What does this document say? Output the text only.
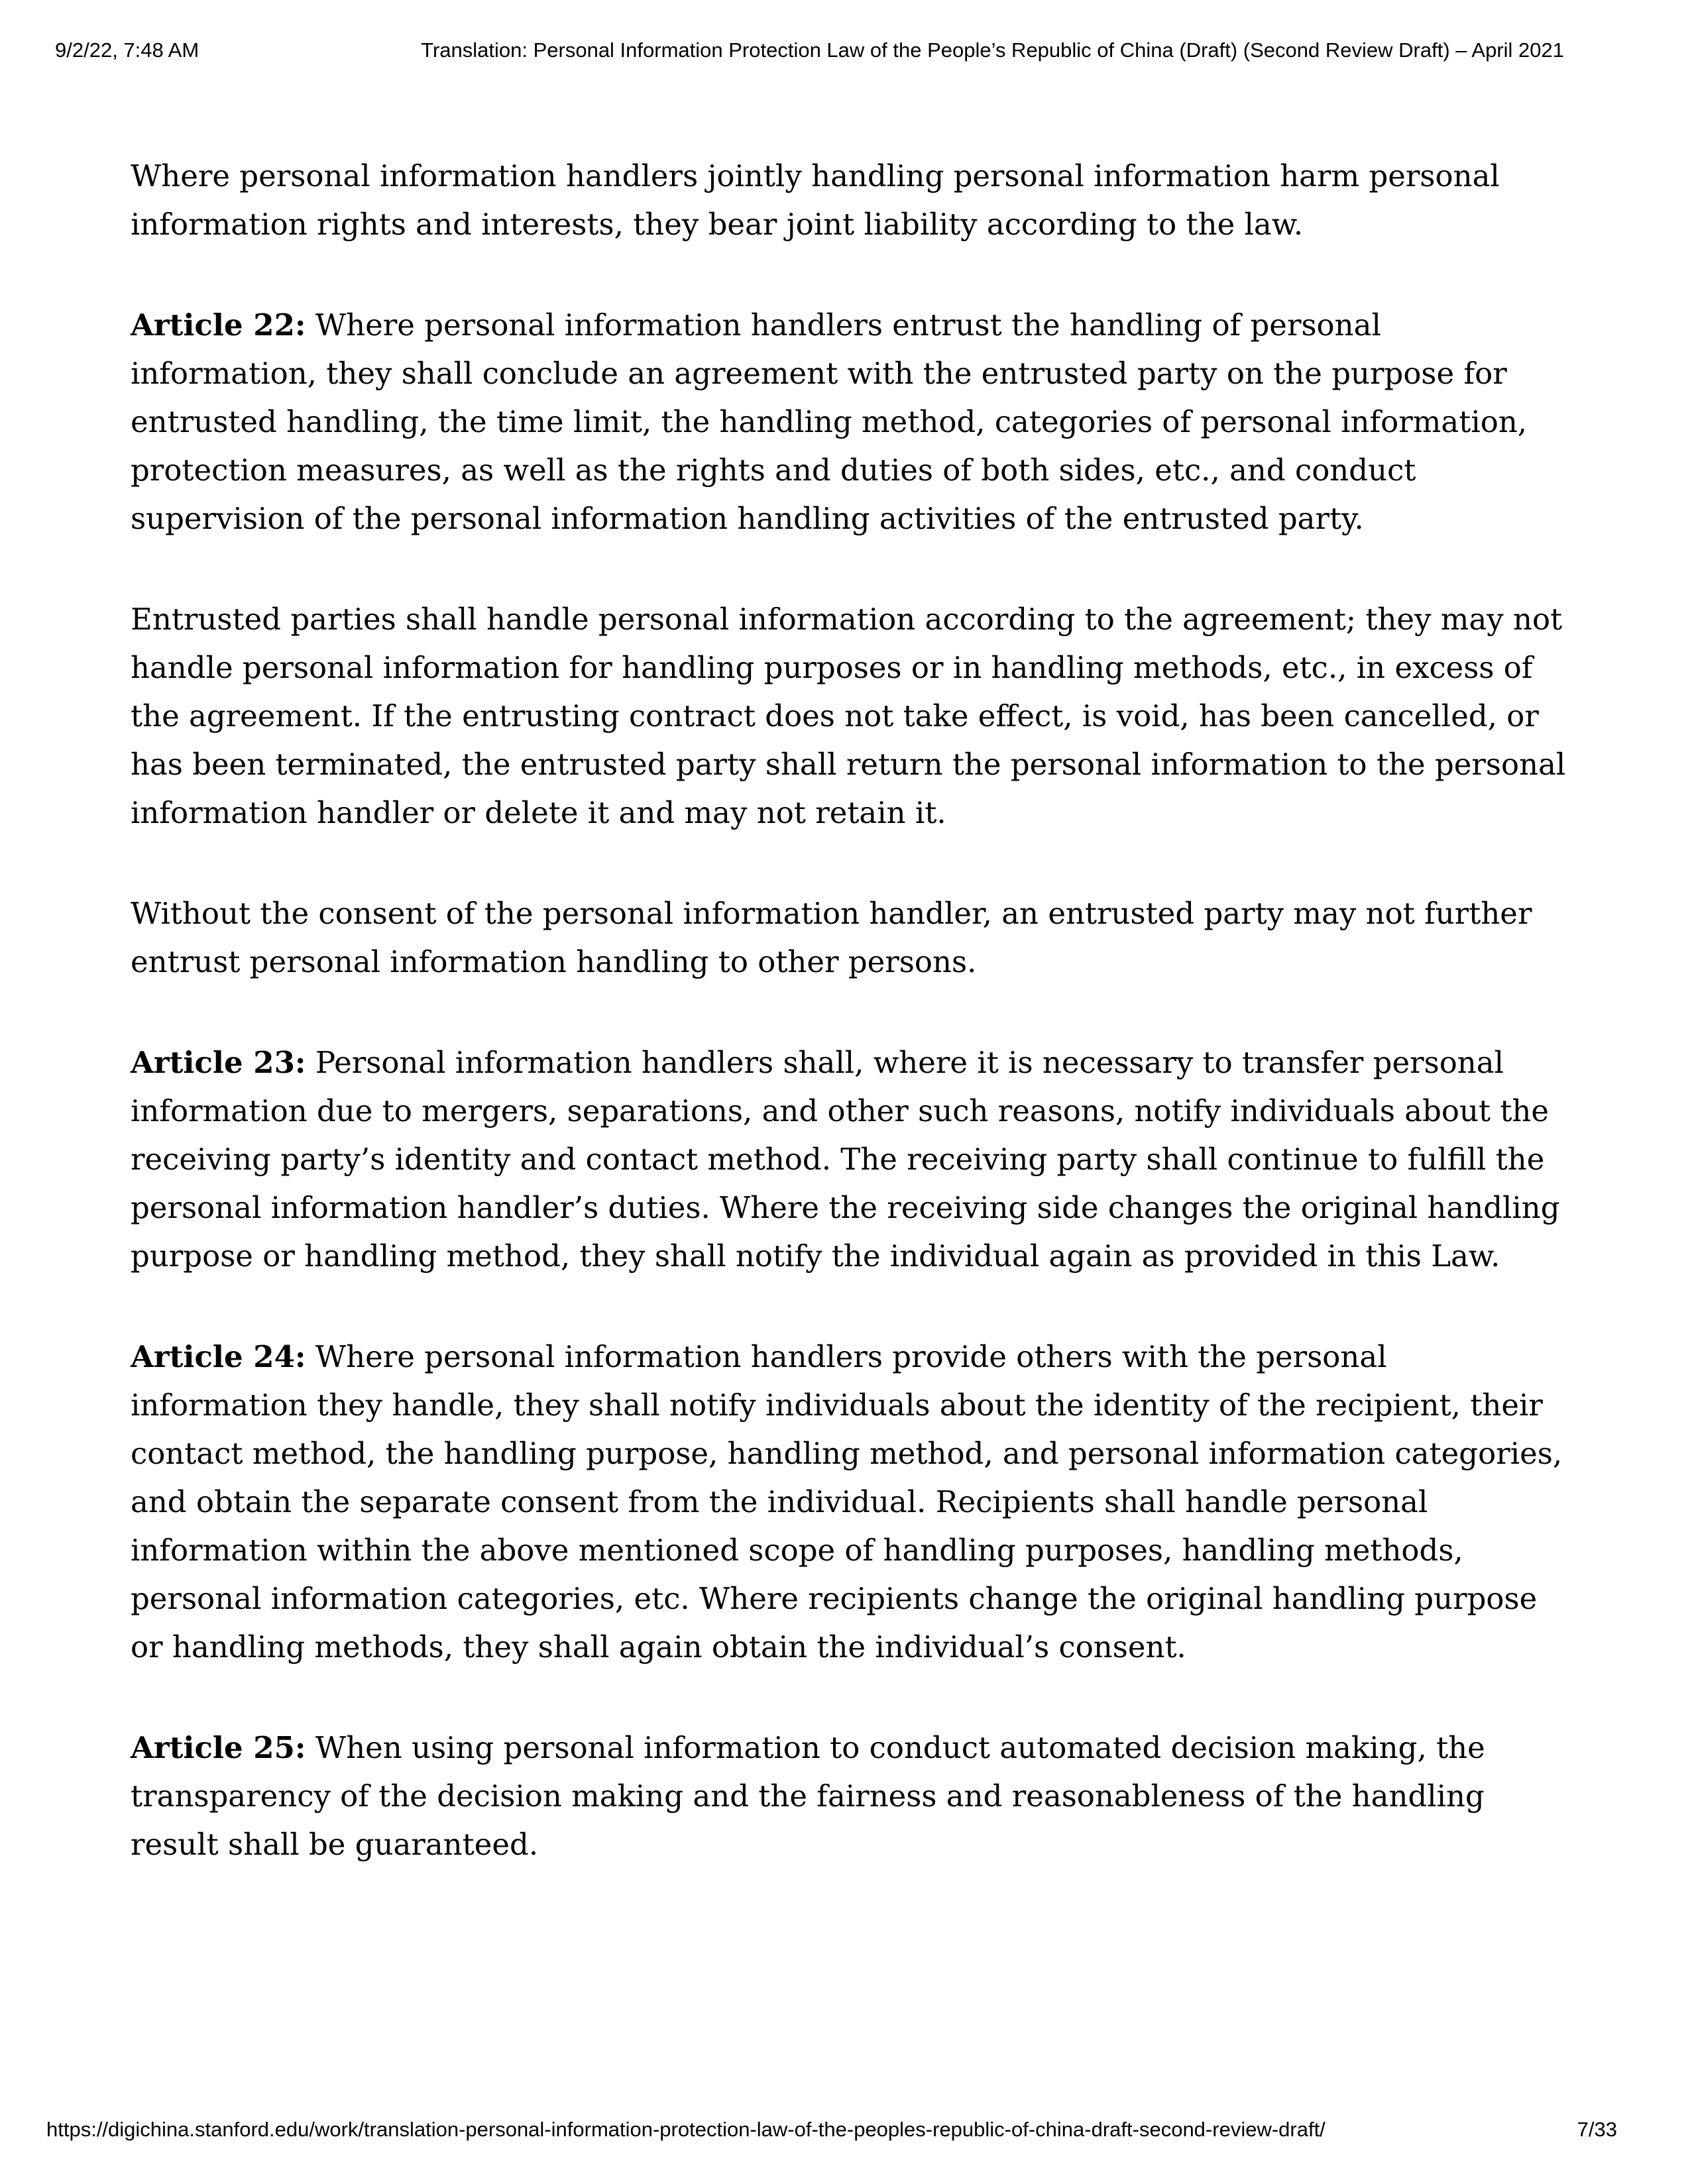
9/2/22, 7:48 AM	Translation: Personal Information Protection Law of the People’s Republic of China (Draft) (Second Review Draft) – April 2021

Where personal information handlers jointly handling personal information harm personal information rights and interests, they bear joint liability according to the law.

Article 22: Where personal information handlers entrust the handling of personal information, they shall conclude an agreement with the entrusted party on the purpose for entrusted handling, the time limit, the handling method, categories of personal information, protection measures, as well as the rights and duties of both sides, etc., and conduct supervision of the personal information handling activities of the entrusted party.

Entrusted parties shall handle personal information according to the agreement; they may not handle personal information for handling purposes or in handling methods, etc., in excess of the agreement. If the entrusting contract does not take effect, is void, has been cancelled, or has been terminated, the entrusted party shall return the personal information to the personal information handler or delete it and may not retain it.

Without the consent of the personal information handler, an entrusted party may not further entrust personal information handling to other persons.

Article 23: Personal information handlers shall, where it is necessary to transfer personal information due to mergers, separations, and other such reasons, notify individuals about the receiving party’s identity and contact method. The receiving party shall continue to fulfill the personal information handler’s duties. Where the receiving side changes the original handling purpose or handling method, they shall notify the individual again as provided in this Law.

Article 24: Where personal information handlers provide others with the personal information they handle, they shall notify individuals about the identity of the recipient, their contact method, the handling purpose, handling method, and personal information categories, and obtain the separate consent from the individual. Recipients shall handle personal information within the above mentioned scope of handling purposes, handling methods, personal information categories, etc. Where recipients change the original handling purpose or handling methods, they shall again obtain the individual’s consent.

Article 25: When using personal information to conduct automated decision making, the transparency of the decision making and the fairness and reasonableness of the handling result shall be guaranteed.

https://digichina.stanford.edu/work/translation-personal-information-protection-law-of-the-peoples-republic-of-china-draft-second-review-draft/	7/33
